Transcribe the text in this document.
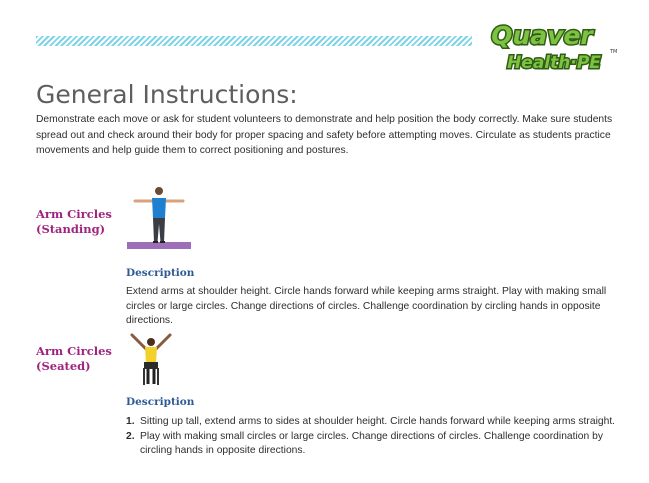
Quaver
Health·PE
TM
General Instructions:

Demonstrate each move or ask for student volunteers to demonstrate and help position the body correctly. Make sure students spread out and check around their body for proper spacing and safety before attempting moves. Circulate as students practice movements and help guide them to correct positioning and postures.

Arm Circles
(Standing)
Description

Extend arms at shoulder height. Circle hands forward while keeping arms straight. Play with making small circles or large circles. Change directions of circles. Challenge coordination by circling hands in opposite directions.

Arm Circles
(Seated)
Description
1. Sitting up tall, extend arms to sides at shoulder height. Circle hands forward while keeping arms straight.
2. Play with making small circles or large circles. Change directions of circles. Challenge coordination by circling hands in opposite directions.
